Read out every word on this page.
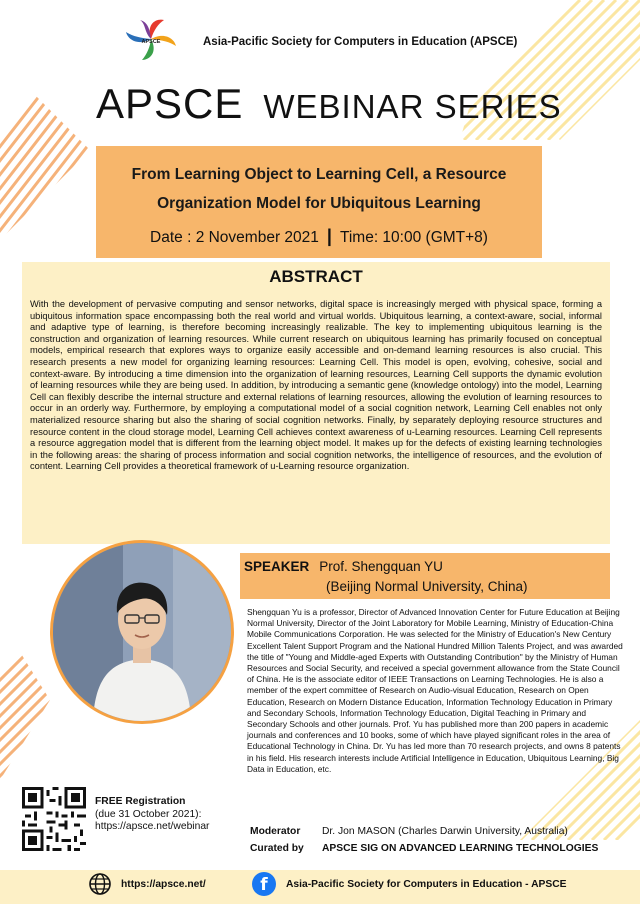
APSCE	Asia-Pacific Society for Computers in Education (APSCE)
APSCE WEBINAR SERIES
From Learning Object to Learning Cell, a Resource
Organization Model for Ubiquitous Learning
Date : 2 November 2021 | Time: 10:00 (GMT+8)
ABSTRACT
With the development of pervasive computing and sensor networks, digital space is increasingly merged with physical space, forming a ubiquitous information space encompassing both the real world and virtual worlds. Ubiquitous learning, a context-aware, social, informal and adaptive type of learning, is therefore becoming increasingly realizable. The key to implementing ubiquitous learning is the construction and organization of learning resources. While current research on ubiquitous learning has primarily focused on conceptual models, empirical research that explores ways to organize easily accessible and on-demand learning resources is also crucial. This research presents a new model for organizing learning resources: Learning Cell. This model is open, evolving, cohesive, social and context-aware. By introducing a time dimension into the organization of learning resources, Learning Cell supports the dynamic evolution of learning resources while they are being used. In addition, by introducing a semantic gene (knowledge ontology) into the model, Learning Cell can flexibly describe the internal structure and external relations of learning resources, allowing the evolution of learning resources to occur in an orderly way. Furthermore, by employing a computational model of a social cognition network, Learning Cell enables not only materialized resource sharing but also the sharing of social cognition networks. Finally, by separately deploying resource structures and resource content in the cloud storage model, Learning Cell achieves context awareness of u-Learning resources. Learning Cell represents a resource aggregation model that is different from the learning object model. It makes up for the defects of existing learning technologies in the following areas: the sharing of process information and social cognition networks, the intelligence of resources, and the evolution of content. Learning Cell provides a theoretical framework of u-Learning resource organization.
SPEAKER Prof. Shengquan YU
(Beijing Normal University, China)
Shengquan Yu is a professor, Director of Advanced Innovation Center for Future Education at Beijing Normal University, Director of the Joint Laboratory for Mobile Learning, Ministry of Education-China Mobile Communications Corporation. He was selected for the Ministry of Education's New Century Excellent Talent Support Program and the National Hundred Million Talents Project, and was awarded the title of "Young and Middle-aged Experts with Outstanding Contribution" by the Ministry of Human Resources and Social Security, and received a special government allowance from the State Council of China. He is the associate editor of IEEE Transactions on Learning Technologies. He is also a member of the expert committee of Research on Audio-visual Education, Research on Open Education, Research on Modern Distance Education, Information Technology Education in Primary and Secondary Schools, Information Technology Education, Digital Teaching in Primary and Secondary Schools and other journals. Prof. Yu has published more than 200 papers in academic journals and conferences and 10 books, some of which have played significant roles in the area of Educational Technology in China. Dr. Yu has led more than 70 research projects, and owns 8 patents in his field. His research interests include Artificial Intelligence in Education, Ubiquitous Learning, Big Data in Education, etc.
FREE Registration
(due 31 October 2021):
https://apsce.net/webinar	Moderator Dr. Jon MASON (Charles Darwin University, Australia)
Curated by APSCE SIG ON ADVANCED LEARNING TECHNOLOGIES
https://apsce.net/	f	Asia-Pacific Society for Computers in Education - APSCE
